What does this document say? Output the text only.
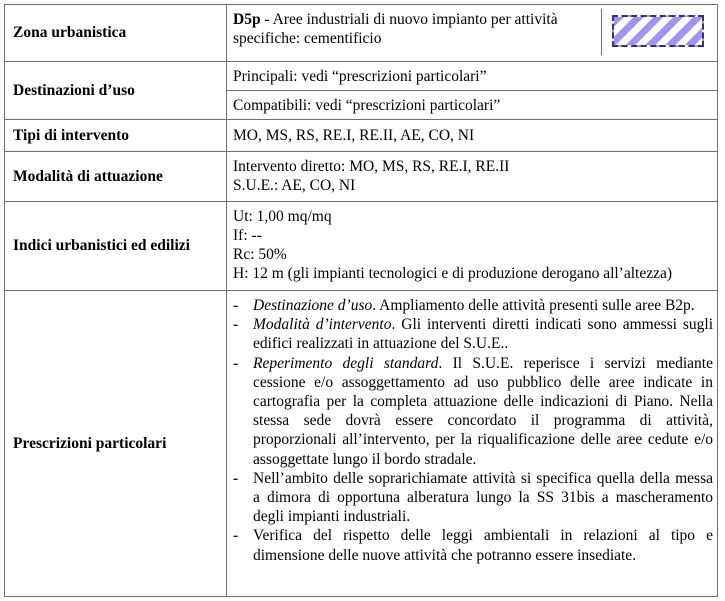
Zona urbanistica
D5p - Aree industriali di nuovo impianto per attività specifiche: cementificio
Destinazioni d’uso
Principali: vedi “prescrizioni particolari”
Compatibili: vedi “prescrizioni particolari”
Tipi di intervento	MO, MS, RS, RE.I, RE.II, AE, CO, NI
Modalità di attuazione
Intervento diretto: MO, MS, RS, RE.I, RE.II
S.U.E.: AE, CO, NI
Indici urbanistici ed edilizi
Ut: 1,00 mq/mq
If: --
Rc: 50%
H: 12 m (gli impianti tecnologici e di produzione derogano all’altezza)
Prescrizioni particolari
- Destinazione d’uso. Ampliamento delle attività presenti sulle aree B2p.
- Modalità d’intervento. Gli interventi diretti indicati sono ammessi sugli edifici realizzati in attuazione del S.U.E..
- Reperimento degli standard. Il S.U.E. reperisce i servizi mediante cessione e/o assoggettamento ad uso pubblico delle aree indicate in cartografia per la completa attuazione delle indicazioni di Piano. Nella stessa sede dovrà essere concordato il programma di attività, proporzionali all’intervento, per la riqualificazione delle aree cedute e/o assoggettate lungo il bordo stradale.
- Nell’ambito delle soprarichiamate attività si specifica quella della messa a dimora di opportuna alberatura lungo la SS 31bis a mascheramento degli impianti industriali.
- Verifica del rispetto delle leggi ambientali in relazioni al tipo e dimensione delle nuove attività che potranno essere insediate.
